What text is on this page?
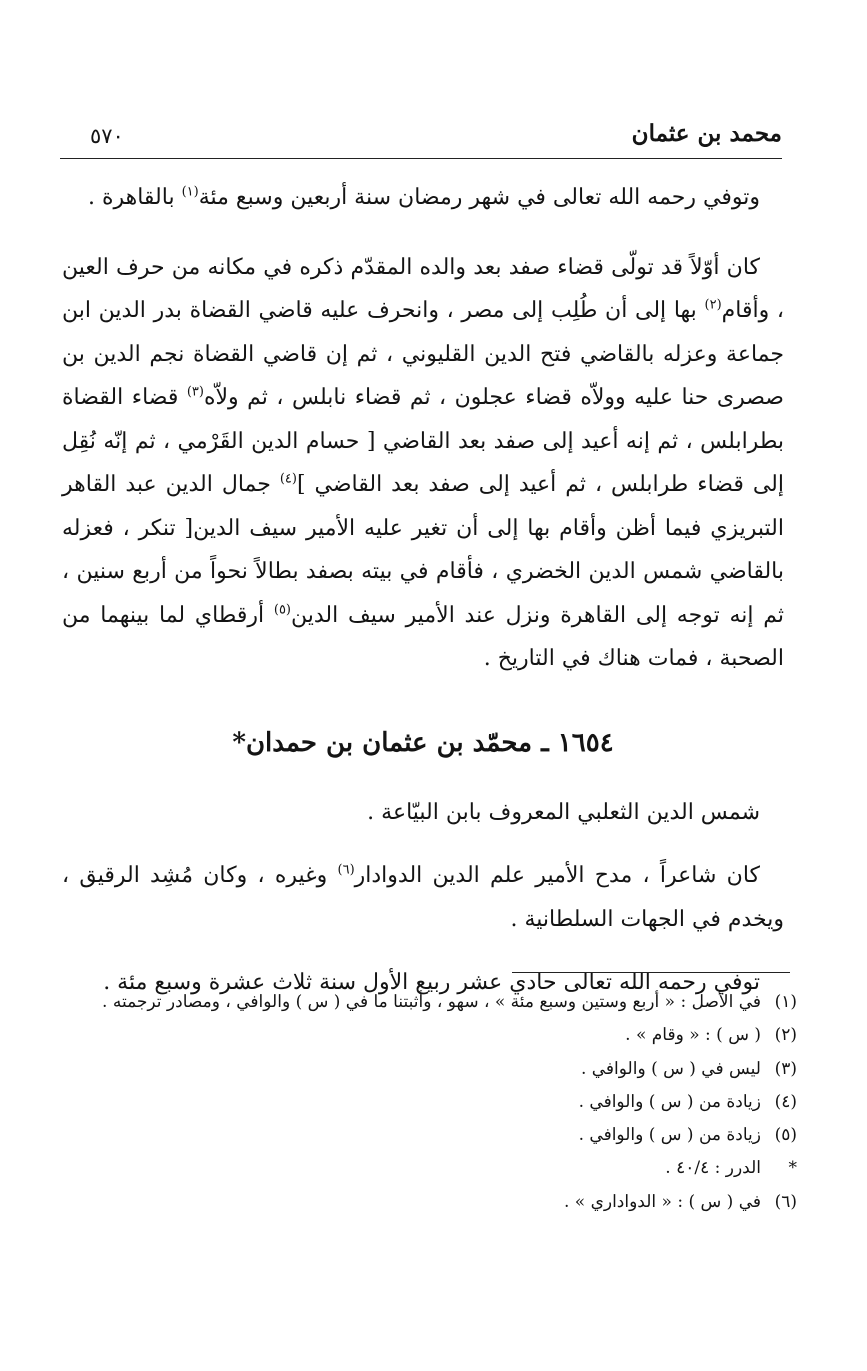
محمد بن عثمان
٥٧٠

وتوفي رحمه الله تعالى في شهر رمضان سنة أربعين وسبع مئة$^{(١)}$ بالقاهرة .

كان أوّلاً قد تولّى قضاء صفد بعد والده المقدّم ذكره في مكانه من حرف العين ، وأقام$^{(٢)}$ بها إلى أن طُلِب إلى مصر ، وانحرف عليه قاضي القضاة بدر الدين ابن جماعة وعزله بالقاضي فتح الدين القليوني ، ثم إن قاضي القضاة نجم الدين بن صصرى حنا عليه وولاّه قضاء عجلون ، ثم قضاء نابلس ، ثم ولاّه$^{(٣)}$ قضاء القضاة بطرابلس ، ثم إنه أعيد إلى صفد بعد القاضي [ حسام الدين القَرْمي ، ثم إنّه نُقِل إلى قضاء طرابلس ، ثم أعيد إلى صفد بعد القاضي ]$^{(٤)}$ جمال الدين عبد القاهر التبريزي فيما أظن وأقام بها إلى أن تغير عليه الأمير سيف الدين[ تنكر ، فعزله بالقاضي شمس الدين الخضري ، فأقام في بيته بصفد بطالاً نحواً من أربع سنين ، ثم إنه توجه إلى القاهرة ونزل عند الأمير سيف الدين$^{(٥)}$ أرقطاي لما بينهما من الصحبة ، فمات هناك في التاريخ .

١٦٥٤ ـ محمّد بن عثمان بن حمدان*

شمس الدين الثعلبي المعروف بابن البيّاعة .

كان شاعراً ، مدح الأمير علم الدين الدوادار$^{(٦)}$ وغيره ، وكان مُشِد الرقيق ، ويخدم في الجهات السلطانية .

توفي رحمه الله تعالى حادي عشر ربيع الأول سنة ثلاث عشرة وسبع مئة .

(١)
في الأصل : « أربع وستين وسبع مئة » ، سهو ، وأثبتنا ما في ( س ) والوافي ، ومصادر ترجمته .
(٢)
( س ) : « وقام » .
(٣)
ليس في ( س ) والوافي .
(٤)
زيادة من ( س ) والوافي .
(٥)
زيادة من ( س ) والوافي .
*
الدرر : ٤٠/٤ .
(٦)
في ( س ) : « الدواداري » .
